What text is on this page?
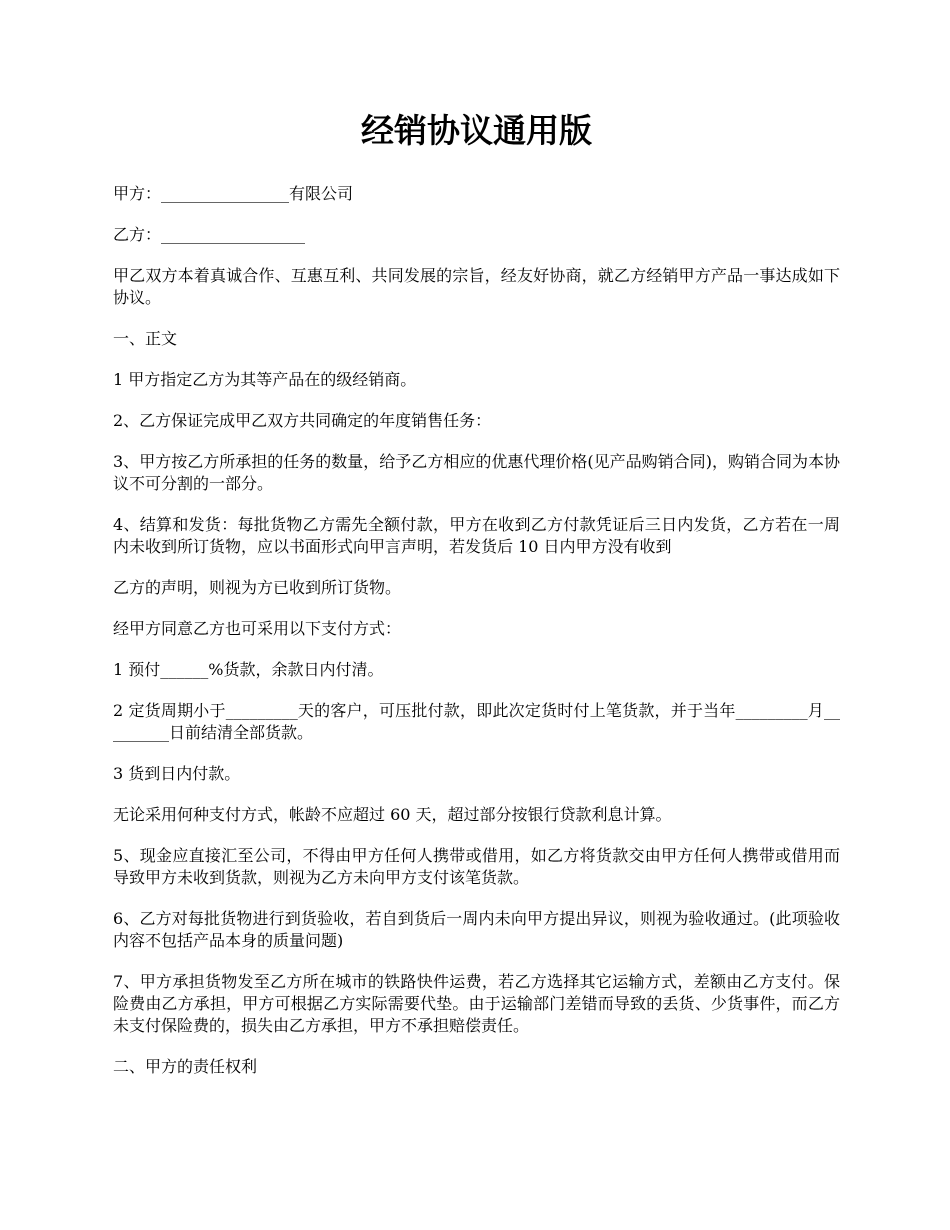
经销协议通用版

甲方：________________有限公司

乙方：__________________

甲乙双方本着真诚合作、互惠互利、共同发展的宗旨，经友好协商，就乙方经销甲方产品一事达成如下协议。

一、正文

1 甲方指定乙方为其等产品在的级经销商。

2、乙方保证完成甲乙双方共同确定的年度销售任务：

3、甲方按乙方所承担的任务的数量，给予乙方相应的优惠代理价格(见产品购销合同)，购销合同为本协议不可分割的一部分。

4、结算和发货：每批货物乙方需先全额付款，甲方在收到乙方付款凭证后三日内发货，乙方若在一周内未收到所订货物，应以书面形式向甲言声明，若发货后 10 日内甲方没有收到

乙方的声明，则视为方已收到所订货物。

经甲方同意乙方也可采用以下支付方式：

1 预付______%货款，余款日内付清。

2 定货周期小于_________天的客户，可压批付款，即此次定货时付上笔货款，并于当年_________月_________日前结清全部货款。

3 货到日内付款。

无论采用何种支付方式，帐龄不应超过 60 天，超过部分按银行贷款利息计算。

5、现金应直接汇至公司，不得由甲方任何人携带或借用，如乙方将货款交由甲方任何人携带或借用而导致甲方未收到货款，则视为乙方未向甲方支付该笔货款。

6、乙方对每批货物进行到货验收，若自到货后一周内未向甲方提出异议，则视为验收通过。(此项验收内容不包括产品本身的质量问题)

7、甲方承担货物发至乙方所在城市的铁路快件运费，若乙方选择其它运输方式，差额由乙方支付。保险费由乙方承担，甲方可根据乙方实际需要代垫。由于运输部门差错而导致的丢货、少货事件，而乙方未支付保险费的，损失由乙方承担，甲方不承担赔偿责任。

二、甲方的责任权利
